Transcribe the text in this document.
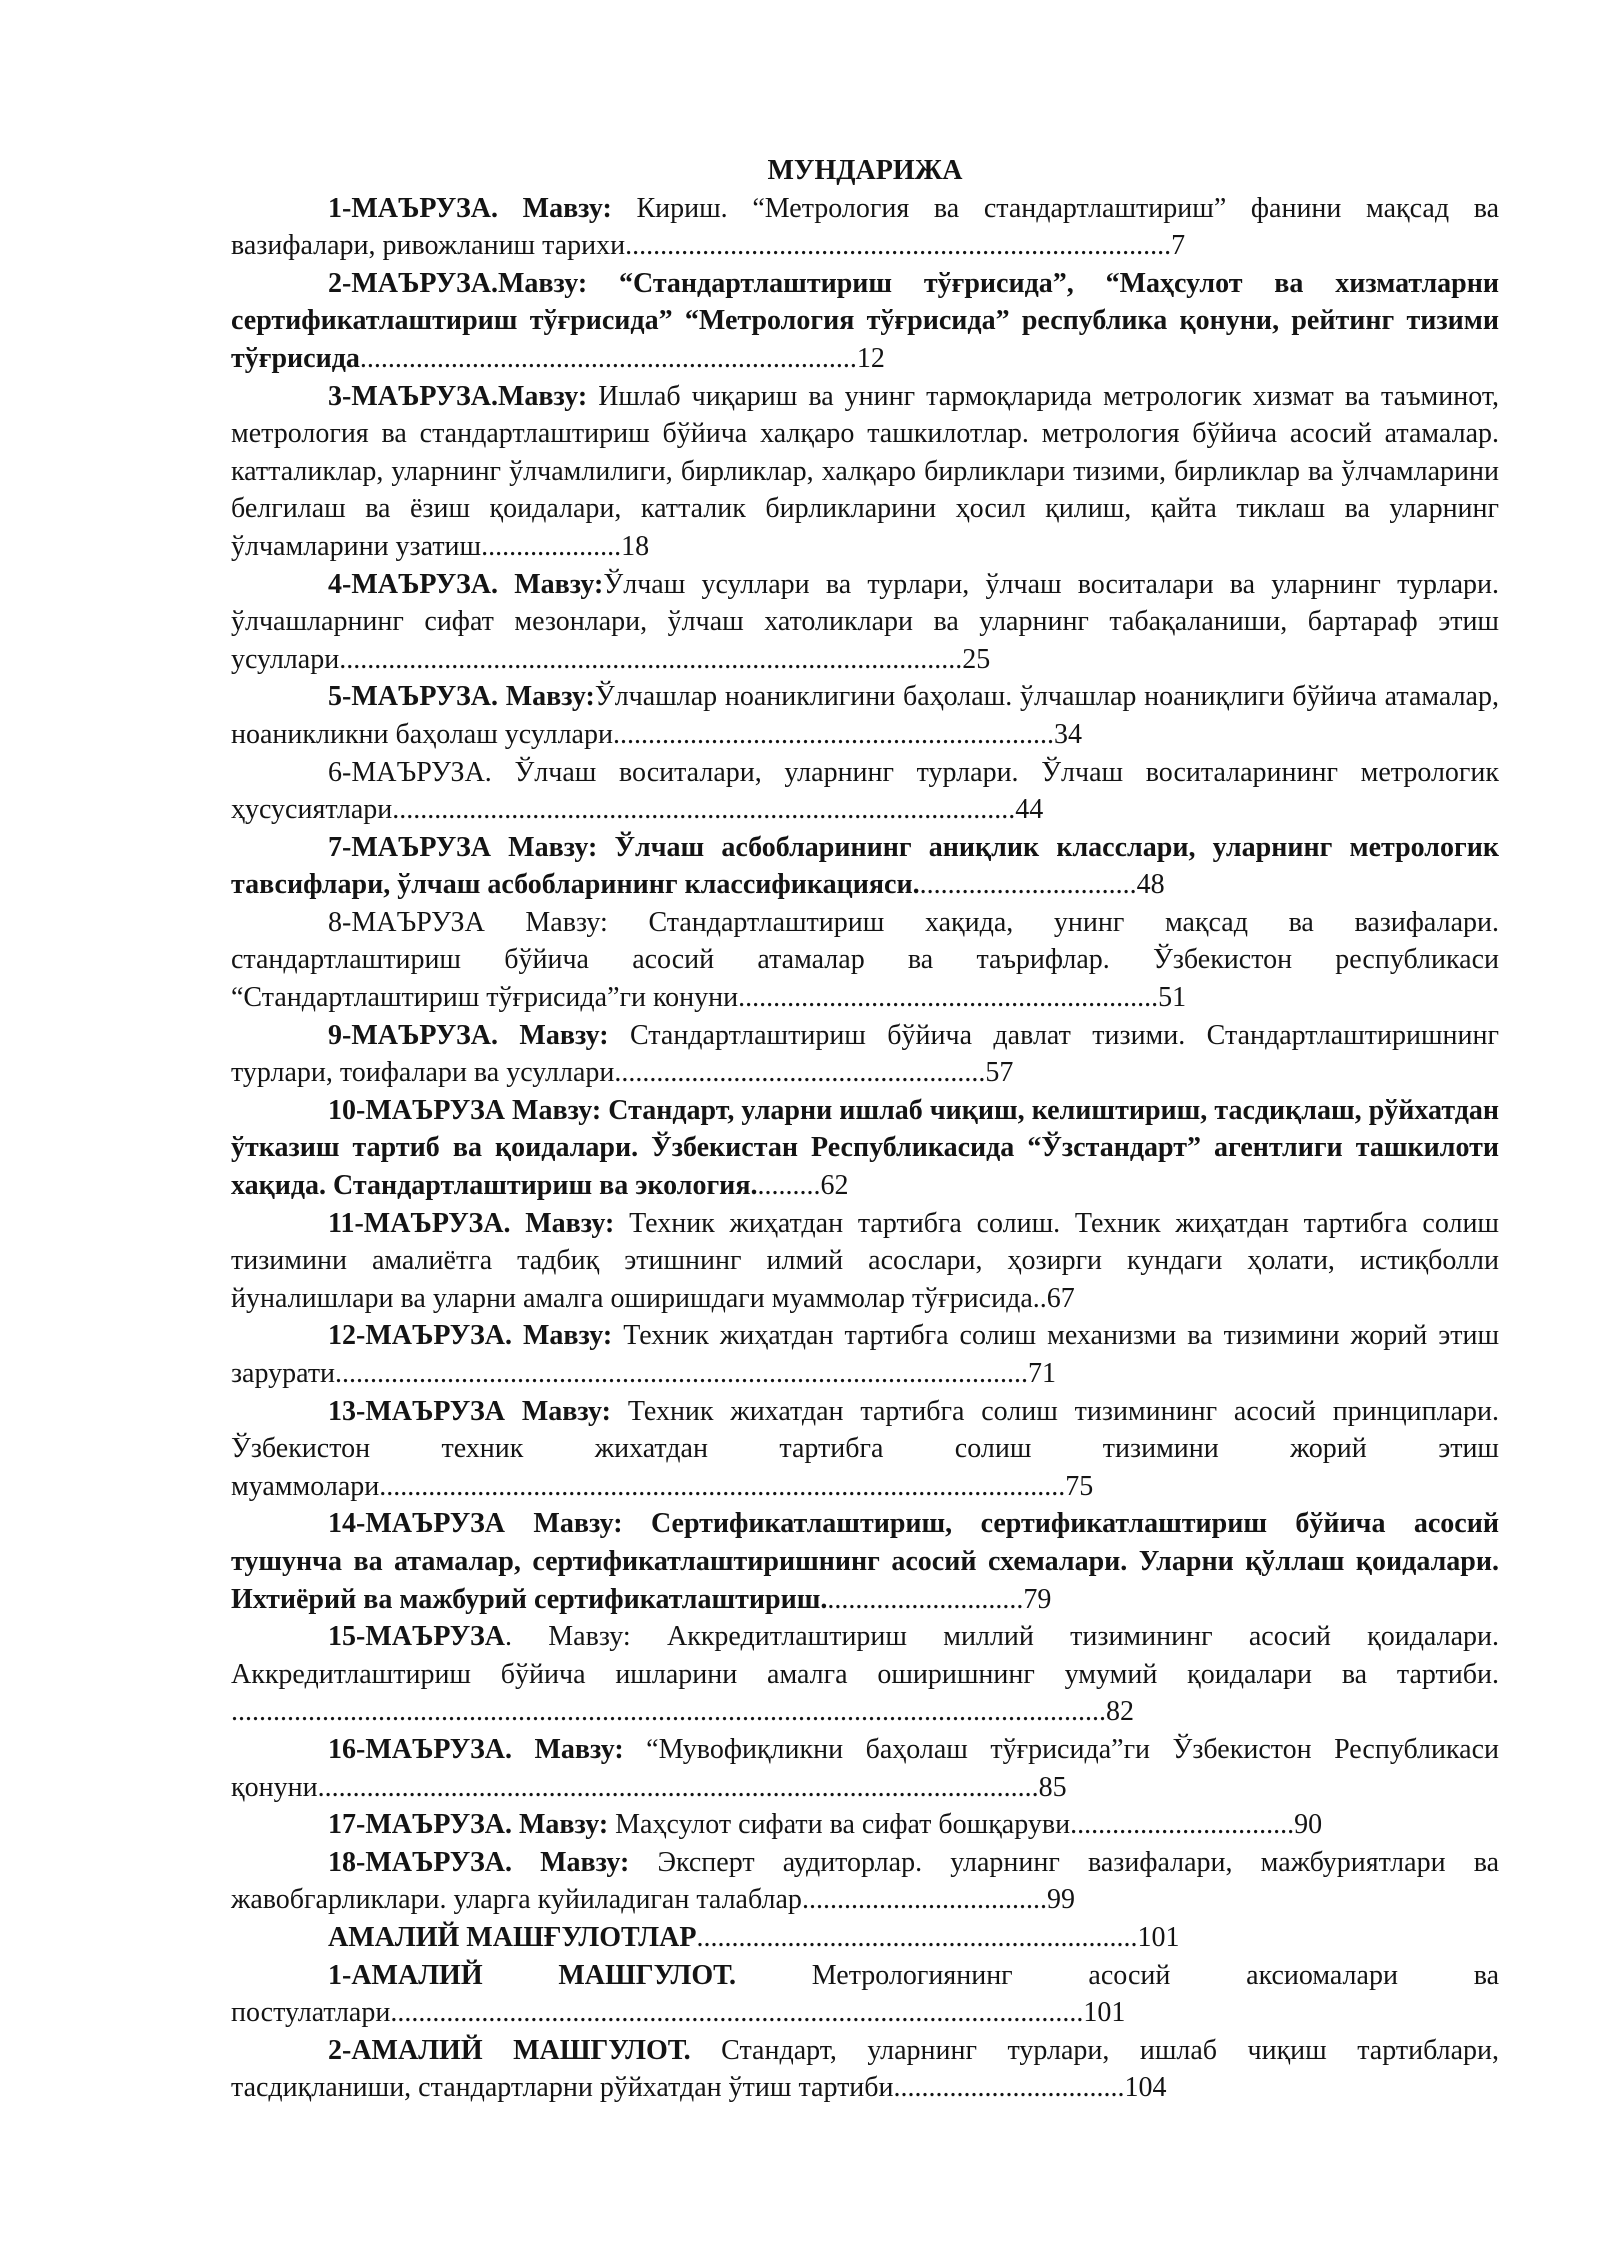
МУНДАРИЖА

1-МАЪРУЗА. Мавзу: Кириш. “Метрология ва стандартлаштириш” фанини мақсад ва вазифалари, ривожланиш тарихи..............................................................................7

2-МАЪРУЗА.Мавзу: “Стандартлаштириш тўғрисида”, “Маҳсулот ва хизматларни сертификатлаштириш тўғрисида” “Метрология тўғрисида” республика қонуни, рейтинг тизими тўғрисида.......................................................................12

3-МАЪРУЗА.Мавзу: Ишлаб чиқариш ва унинг тармоқларида метрологик хизмат ва таъминот, метрология ва стандартлаштириш бўйича халқаро ташкилотлар. метрология бўйича асосий атамалар. катталиклар, уларнинг ўлчамлилиги, бирликлар, халқаро бирликлари тизими, бирликлар ва ўлчамларини белгилаш ва ёзиш қоидалари, катталик бирликларини ҳосил қилиш, қайта тиклаш ва уларнинг ўлчамларини узатиш....................18

4-МАЪРУЗА. Мавзу:Ўлчаш усуллари ва турлари, ўлчаш воситалари ва уларнинг турлари. ўлчашларнинг сифат мезонлари, ўлчаш хатоликлари ва уларнинг табақаланиши, бартараф этиш усуллари.........................................................................................25

5-МАЪРУЗА. Мавзу:Ўлчашлар ноаниклигини баҳолаш. ўлчашлар ноаниқлиги бўйича атамалар, ноаникликни баҳолаш усуллари...............................................................34

6-МАЪРУЗА. Ўлчаш воситалари, уларнинг турлари. Ўлчаш воситаларининг метрологик ҳусусиятлари.........................................................................................44

7-МАЪРУЗА Мавзу: Ўлчаш асбобларининг аниқлик класслари, уларнинг метрологик тавсифлари, ўлчаш асбобларининг классификацияси................................48

8-МАЪРУЗА Мавзу: Стандартлаштириш хақида, унинг мақсад ва вазифалари. стандартлаштириш бўйича асосий атамалар ва таърифлар. Ўзбекистон республикаси “Стандартлаштириш тўғрисида”ги конуни............................................................51

9-МАЪРУЗА. Мавзу: Стандартлаштириш бўйича давлат тизими. Стандартлаштиришнинг турлари, тоифалари ва усуллари.....................................................57

10-МАЪРУЗА Мавзу: Стандарт, уларни ишлаб чиқиш, келиштириш, тасдиқлаш, рўйхатдан ўтказиш тартиб ва қоидалари. Ўзбекистан Республикасида “Ўзстандарт” агентлиги ташкилоти хақида. Стандартлаштириш ва экология..........62

11-МАЪРУЗА. Мавзу: Техник жиҳатдан тартибга солиш. Техник жиҳатдан тартибга солиш тизимини амалиётга тадбиқ этишнинг илмий асослари, ҳозирги кундаги ҳолати, истиқболли йуналишлари ва уларни амалга оширишдаги муаммолар тўғрисида..67

12-МАЪРУЗА. Мавзу: Техник жиҳатдан тартибга солиш механизми ва тизимини жорий этиш зарурати...................................................................................................71

13-МАЪРУЗА Мавзу: Техник жихатдан тартибга солиш тизимининг асосий принциплари. Ўзбекистон техник жихатдан тартибга солиш тизимини жорий этиш муаммолари..................................................................................................75

14-МАЪРУЗА Мавзу: Сертификатлаштириш, сертификатлаштириш бўйича асосий тушунча ва атамалар, сертификатлаштиришнинг асосий схемалари. Уларни қўллаш қоидалари. Ихтиёрий ва мажбурий сертификатлаштириш.............................79

15-МАЪРУЗА. Мавзу: Аккредитлаштириш миллий тизимининг асосий қоидалари. Аккредитлаштириш бўйича ишларини амалга оширишнинг умумий қоидалари ва тартиби. .............................................................................................................................82

16-МАЪРУЗА. Мавзу: “Мувофиқликни баҳолаш тўғрисида”ги Ўзбекистон Республикаси қонуни.......................................................................................................85

17-МАЪРУЗА. Мавзу: Маҳсулот сифати ва сифат бошқаруви................................90

18-МАЪРУЗА. Мавзу: Эксперт аудиторлар. уларнинг вазифалари, мажбуриятлари ва жавобгарликлари. уларга куйиладиган талаблар...................................99

АМАЛИЙ МАШҒУЛОТЛАР...............................................................101

1-АМАЛИЙ МАШГУЛОТ. Метрологиянинг асосий аксиомалари ва постулатлари...................................................................................................101

2-АМАЛИЙ МАШГУЛОТ. Стандарт, уларнинг турлари, ишлаб чиқиш тартиблари, тасдиқланиши, стандартларни рўйхатдан ўтиш тартиби.................................104
